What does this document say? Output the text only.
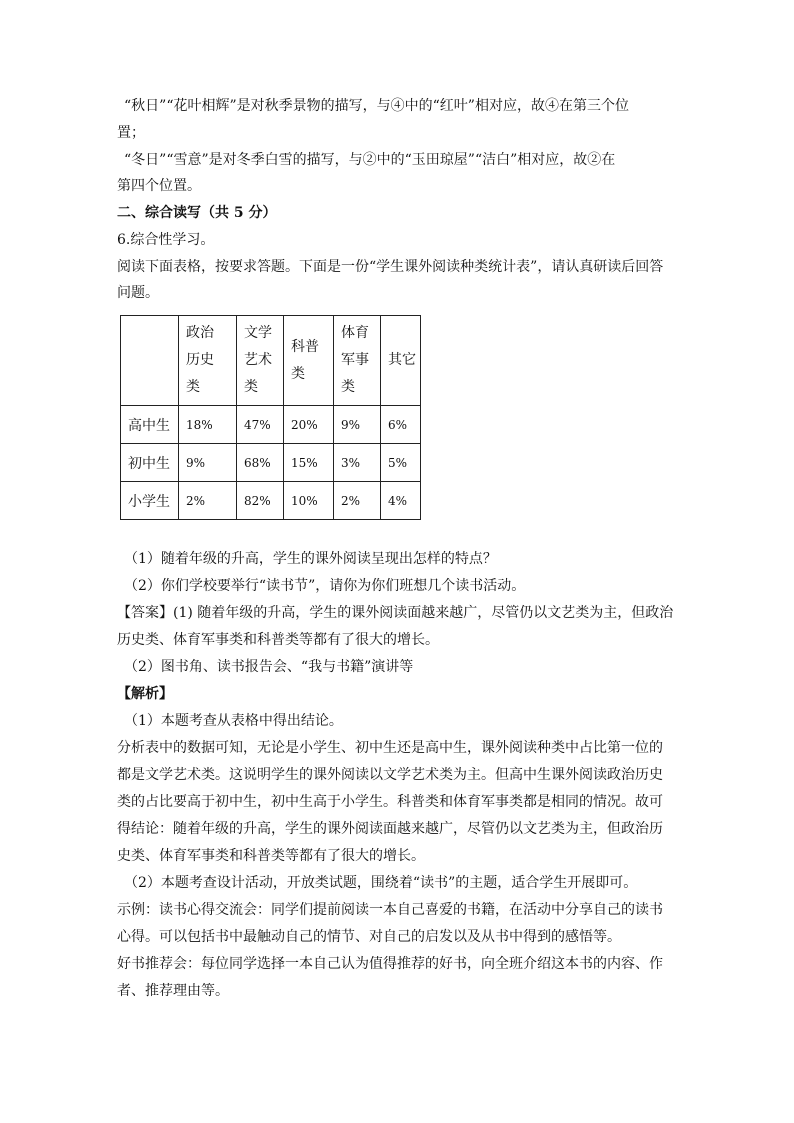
“秋日”“花叶相辉”是对秋季景物的描写，与④中的“红叶”相对应，故④在第三个位
置；
“冬日”“雪意”是对冬季白雪的描写，与②中的“玉田琼屋”“洁白”相对应，故②在
第四个位置。
二、综合读写（共 5 分）
6.综合性学习。
阅读下面表格，按要求答题。下面是一份“学生课外阅读种类统计表”，请认真研读后回答
问题。
	政治
历史
类	文学
艺术
类	科普
类	体育
军事
类	其它
高中生	18%	47%	20%	9%	6%
初中生	9%	68%	15%	3%	5%
小学生	2%	82%	10%	2%	4%
（1）随着年级的升高，学生的课外阅读呈现出怎样的特点？
（2）你们学校要举行“读书节”，请你为你们班想几个读书活动。
【答案】(1) 随着年级的升高，学生的课外阅读面越来越广，尽管仍以文艺类为主，但政治
历史类、体育军事类和科普类等都有了很大的增长。
（2）图书角、读书报告会、“我与书籍”演讲等
【解析】
（1）本题考查从表格中得出结论。
分析表中的数据可知，无论是小学生、初中生还是高中生，课外阅读种类中占比第一位的
都是文学艺术类。这说明学生的课外阅读以文学艺术类为主。但高中生课外阅读政治历史
类的占比要高于初中生，初中生高于小学生。科普类和体育军事类都是相同的情况。故可
得结论：随着年级的升高，学生的课外阅读面越来越广，尽管仍以文艺类为主，但政治历
史类、体育军事类和科普类等都有了很大的增长。
（2）本题考查设计活动，开放类试题，围绕着“读书”的主题，适合学生开展即可。
示例：读书心得交流会：同学们提前阅读一本自己喜爱的书籍，在活动中分享自己的读书
心得。可以包括书中最触动自己的情节、对自己的启发以及从书中得到的感悟等。
好书推荐会：每位同学选择一本自己认为值得推荐的好书，向全班介绍这本书的内容、作
者、推荐理由等。
